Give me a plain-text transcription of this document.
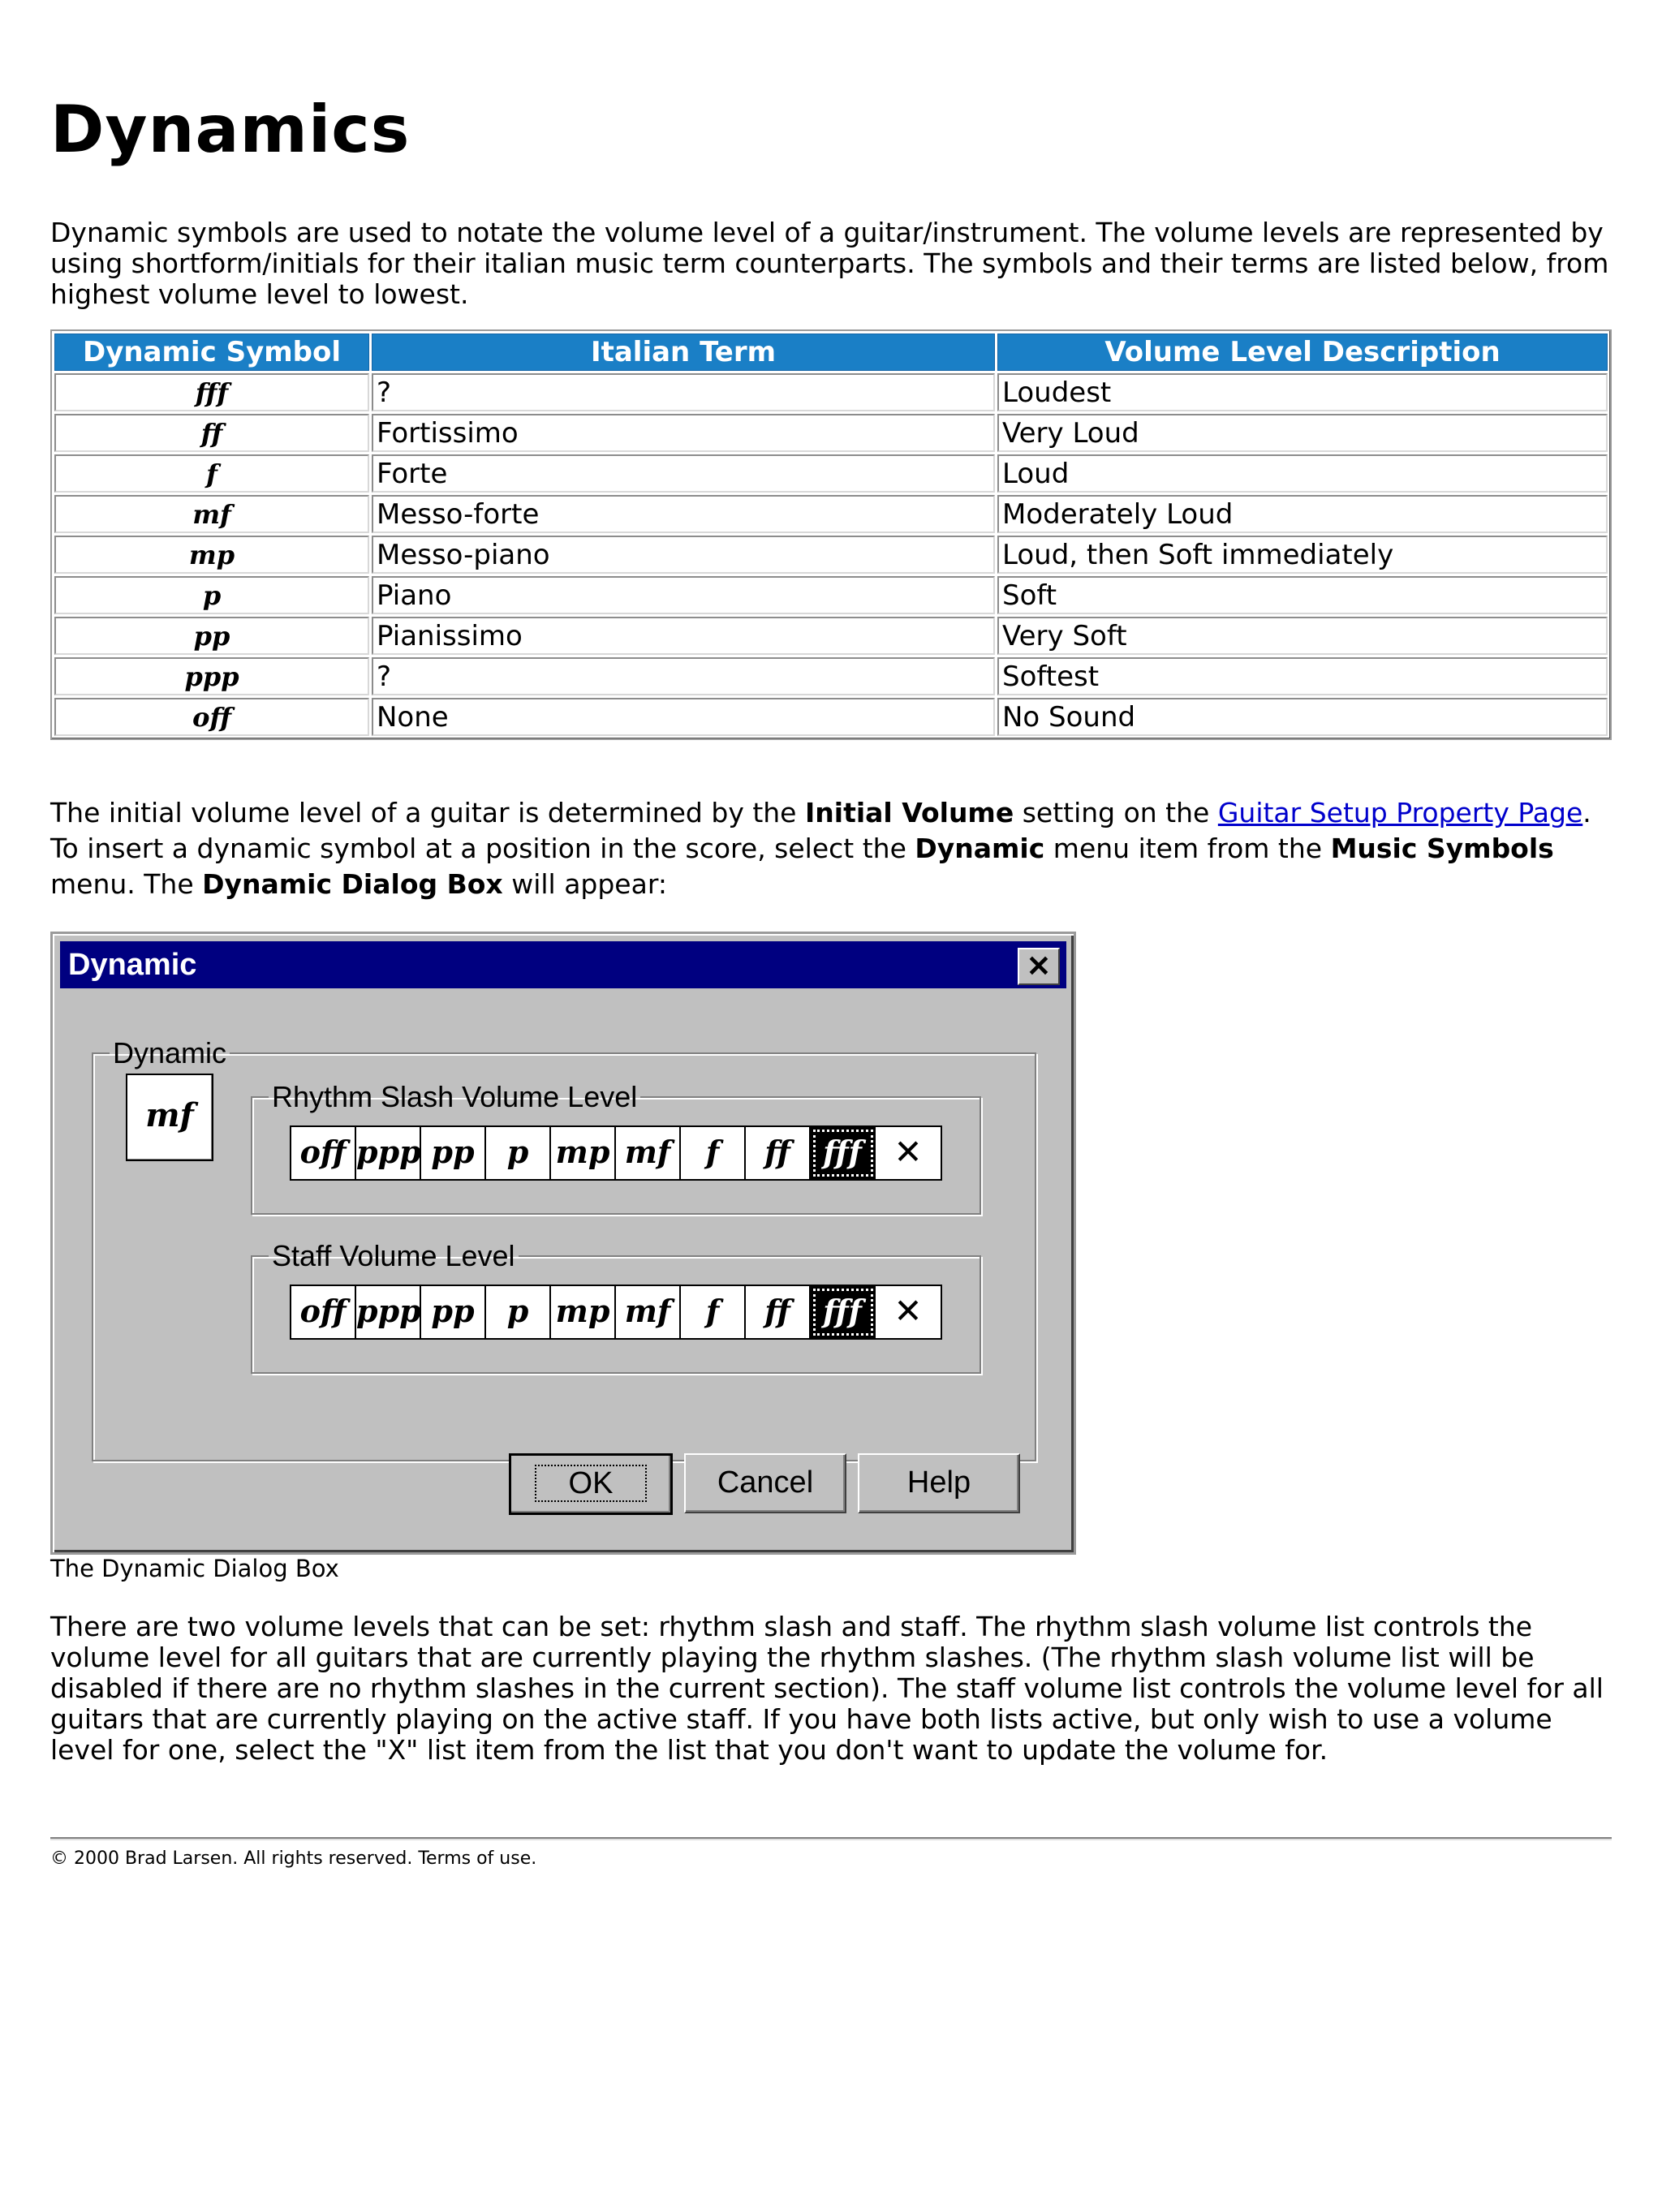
Dynamics
Dynamic symbols are used to notate the volume level of a guitar/instrument. The volume levels are represented by using shortform/initials for their italian music term counterparts. The symbols and their terms are listed below, from highest volume level to lowest.
Dynamic Symbol	Italian Term	Volume Level Description
fff	?	Loudest
ff	Fortissimo	Very Loud
f	Forte	Loud
mf	Messo-forte	Moderately Loud
mp	Messo-piano	Loud, then Soft immediately
p	Piano	Soft
pp	Pianissimo	Very Soft
ppp	?	Softest
off	None	No Sound
The initial volume level of a guitar is determined by the Initial Volume setting on the Guitar Setup Property Page. To insert a dynamic symbol at a position in the score, select the Dynamic menu item from the Music Symbols menu. The Dynamic Dialog Box will appear:
Dynamic	✕
Dynamic
mf	Rhythm Slash Volume Level
off ppp pp	p mp mf	f	ff	fff ✕
Staff Volume Level
off ppp pp	p mp mf	f	ff	fff ✕
OK	Cancel	Help
The Dynamic Dialog Box
There are two volume levels that can be set: rhythm slash and staff. The rhythm slash volume list controls the volume level for all guitars that are currently playing the rhythm slashes. (The rhythm slash volume list will be disabled if there are no rhythm slashes in the current section). The staff volume list controls the volume level for all guitars that are currently playing on the active staff. If you have both lists active, but only wish to use a volume level for one, select the "X" list item from the list that you don't want to update the volume for.
© 2000 Brad Larsen. All rights reserved. Terms of use.
